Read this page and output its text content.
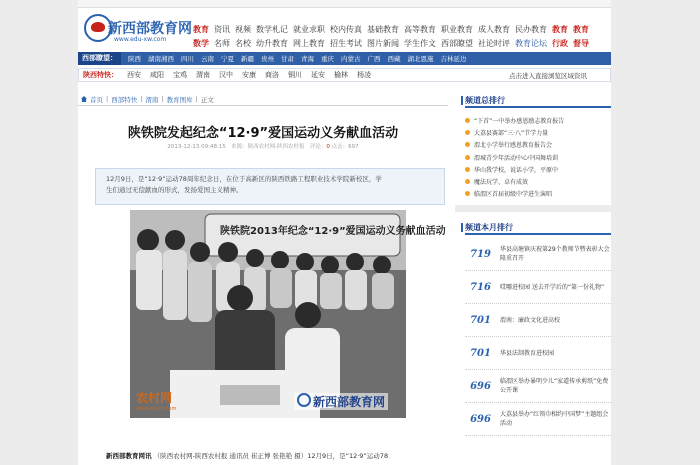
新西部教育网
www.edu-xw.com
教育 资讯 视频 数学札记 就业求职 校内传真 基础教育 高等教育 职业教育 成人教育 民办教育 教育 教育
数学 名师 名校 幼升教育 网上教育 招生考试 图片新闻 学生作文 西部瞭望 社论时评 教育论坛 行政 督导
西部瞭望：	陕西 湖南湘西 四川 云南 宁夏 新疆 贵州 甘肃 青海 重庆 内蒙古 广西 西藏 湖北恩施 吉林延边
陕西特快： 西安 咸阳 宝鸡 渭南 汉中 安康 商洛 铜川 延安 榆林 杨凌	点击进入直接浏览区域资讯
首页 | 西部特快 | 渭南 | 教育图库 | 正文
陕铁院发起纪念“12·9”爱国运动义务献血活动
2013-12-13 09:48:15 来源：陕西农村网-陕西农村报 评论：0 点击：697
12月9日，是“12·9”运动78周年纪念日，在位于高新区的陕西铁路工程职业技术学院新校区，学
生们通过无偿献血的形式，发扬爱国主义精神。
陕铁院2013年纪念“12·9”爱国运动义务献血活动
农村网
www.sxncb.com	新西部教育网
新西部教育网讯 （陕西农村网-陕西农村报 通讯员 崔正博 张艳艳 摄）12月9日，是“12·9”运动78
频道总排行
“下首”一中举办感恩励志教育报告
大荔县赛部“三·八”节学力量
渭北小学举行感恩教育报告会
渭城青少年活动中心中国舞培训
华山我学校，说话小学，平原中
魔法玩学、卓有成效
临渭区首届初级中学进生演唱
频道本月排行
719	华县高塘镇庆祝第29个教师节暨表彰大会隆重召开
716	哎哪进校园 送去开学后的“第一份礼物”
701	渭南：廉政文化进高校
701	华县法制教育进校园
696	临渭区举办暴明少儿“家道传承剪纸”免费公开课
696	大荔县举办“红领巾相约中国梦”主题组会活动
